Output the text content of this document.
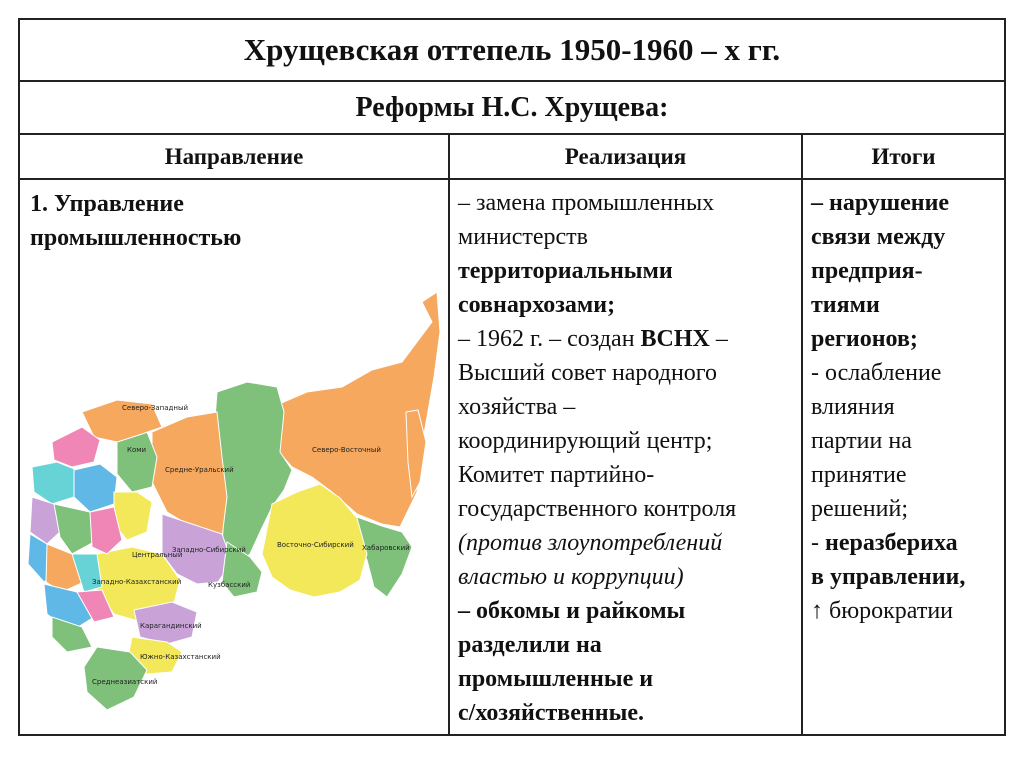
Хрущевская оттепель 1950-1960 – х гг.
Реформы Н.С. Хрущева:
Направление	Реализация	Итоги
1. Управление
промышленностью
Северо-Западный
Коми
Средне-Уральский
Северо-Восточный
Западно-Сибирский
Восточно-Сибирский Хабаровский
Центральный
Западно-Казахстанский
Карагандинский
Кузбасский
Южно-Казахстанский
Среднеазиатский
– замена промышленных
министерств
территориальными
совнархозами;
– 1962 г. – создан ВСНХ –
Высший совет народного
хозяйства –
координирующий центр;
Комитет партийно-
государственного контроля
(против злоупотреблений
властью и коррупции)
– обкомы и райкомы
разделили на
промышленные и
с/хозяйственные.
– нарушение
связи между
предприя-
тиями
регионов;
- ослабление
влияния
партии на
принятие
решений;
- неразбериха
в управлении,
↑ бюрократии
